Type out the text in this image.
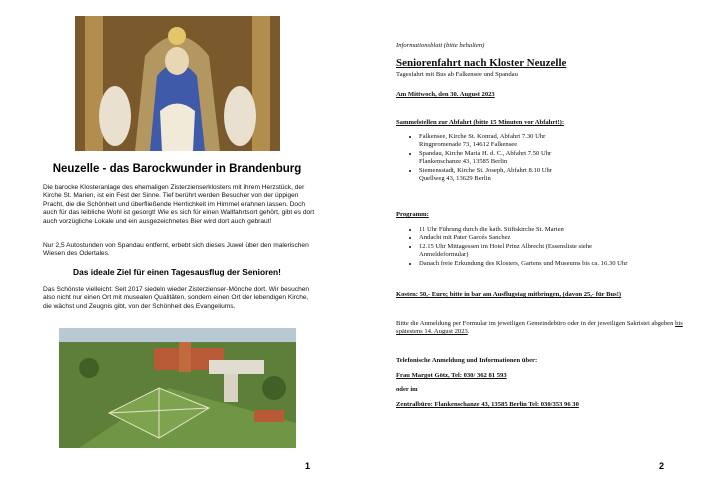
Neuzelle - das Barockwunder in Brandenburg

Die barocke Klosteranlage des ehemaligen Zisterzienserklosters mit ihrem Herzstück, der Kirche St. Marien, ist ein Fest der Sinne. Tief berührt werden Besucher von der üppigen Pracht, die die Schönheit und überfließende Herrlichkeit im Himmel erahnen lassen. Doch auch für das leibliche Wohl ist gesorgt! Wie es sich für einen Wallfahrtsort gehört, gibt es dort auch vorzügliche Lokale und ein ausgezeichnetes Bier wird dort auch gebraut!

Nur 2,5 Autostunden von Spandau entfernt, erbebt sich dieses Juwel über den malerischen Wiesen des Odertales.

Das ideale Ziel für einen Tagesausflug der Senioren!

Das Schönste vielleicht: Seit 2017 siedeln wieder Zisterzienser-Mönche dort. Wir besuchen also nicht nur einen Ort mit musealen Qualitäten, sondern einen Ort der lebendigen Kirche, die wächst und Zeugnis gibt, von der Schönheit des Evangeliums.

1

Informationsblatt (bitte behalten)

Seniorenfahrt nach Kloster Neuzelle

Tagesfahrt mit Bus ab Falkensee und Spandau

Am Mittwoch, den 30. August 2023

Sammelstellen zur Abfahrt (bitte 15 Minuten vor Abfahrt!):

• Falkensee, Kirche St. Konrad, Abfahrt 7.30 Uhr
Ringpromenade 73, 14612 Falkensee
• Spandau, Kirche Maria H. d. C., Abfahrt 7.50 Uhr
Flankenschanze 43, 13585 Berlin
• Siemensstadt, Kirche St. Joseph, Abfahrt 8.10 Uhr
Quellweg 43, 13629 Berlin

Programm:

• 11 Uhr Führung durch die kath. Stiftskirche St. Marien
• Andacht mit Pater Garcés Sanchez
• 12.15 Uhr Mittagessen im Hotel Prinz Albrecht (Essensliste siehe
Anmeldeformular)
• Danach freie Erkundung des Klosters, Gartens und Museums bis ca. 16.30 Uhr

Kosten: 50,- Euro; bitte in bar am Ausflugstag mitbringen, (davon 25,- für Bus!)

Bitte die Anmeldung per Formular im jeweiligen Gemeindebüro oder in der jeweiligen Sakristei abgeben bis spätestens 14. August 2023.

Telefonische Anmeldung und Informationen über:

Frau Margot Götz, Tel: 030/ 362 81 593

oder im

Zentralbüro: Flankenschanze 43, 13585 Berlin Tel: 030/353 96 30

2
